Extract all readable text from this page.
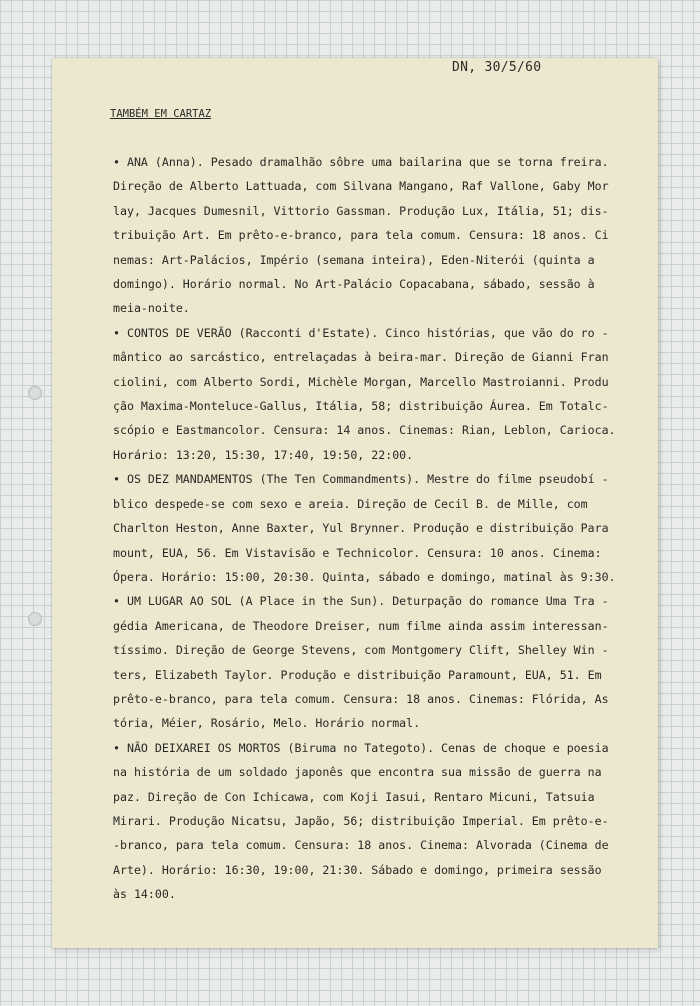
DN, 30/5/60
TAMBÉM EM CARTAZ
• ANA (Anna). Pesado dramalhão sôbre uma bailarina que se torna freira.
Direção de Alberto Lattuada, com Silvana Mangano, Raf Vallone, Gaby Mor
lay, Jacques Dumesnil, Vittorio Gassman. Produção Lux, Itália, 51; dis-
tribuição Art. Em prêto-e-branco, para tela comum. Censura: 18 anos. Ci
nemas: Art-Palácios, Império (semana inteira), Eden-Niterói (quinta a
domingo). Horário normal. No Art-Palácio Copacabana, sábado, sessão à
meia-noite.
• CONTOS DE VERÃO (Racconti d'Estate). Cinco histórias, que vão do ro -
mântico ao sarcástico, entrelaçadas à beira-mar. Direção de Gianni Fran
ciolini, com Alberto Sordi, Michèle Morgan, Marcello Mastroianni. Produ
ção Maxima-Monteluce-Gallus, Itália, 58; distribuição Áurea. Em Totalc-
scópio e Eastmancolor. Censura: 14 anos. Cinemas: Rian, Leblon, Carioca.
Horário: 13:20, 15:30, 17:40, 19:50, 22:00.
• OS DEZ MANDAMENTOS (The Ten Commandments). Mestre do filme pseudobí -
blico despede-se com sexo e areia. Direção de Cecil B. de Mille, com
Charlton Heston, Anne Baxter, Yul Brynner. Produção e distribuição Para
mount, EUA, 56. Em Vistavisão e Technicolor. Censura: 10 anos. Cinema:
Ópera. Horário: 15:00, 20:30. Quinta, sábado e domingo, matinal às 9:30.
• UM LUGAR AO SOL (A Place in the Sun). Deturpação do romance Uma Tra -
gédia Americana, de Theodore Dreiser, num filme ainda assim interessan-
tíssimo. Direção de George Stevens, com Montgomery Clift, Shelley Win -
ters, Elizabeth Taylor. Produção e distribuição Paramount, EUA, 51. Em
prêto-e-branco, para tela comum. Censura: 18 anos. Cinemas: Flórida, As
tória, Méier, Rosário, Melo. Horário normal.
• NÃO DEIXAREI OS MORTOS (Biruma no Tategoto). Cenas de choque e poesia
na história de um soldado japonês que encontra sua missão de guerra na
paz. Direção de Con Ichicawa, com Koji Iasui, Rentaro Micuni, Tatsuia
Mirari. Produção Nicatsu, Japão, 56; distribuição Imperial. Em prêto-e-
-branco, para tela comum. Censura: 18 anos. Cinema: Alvorada (Cinema de
Arte). Horário: 16:30, 19:00, 21:30. Sábado e domingo, primeira sessão
às 14:00.
